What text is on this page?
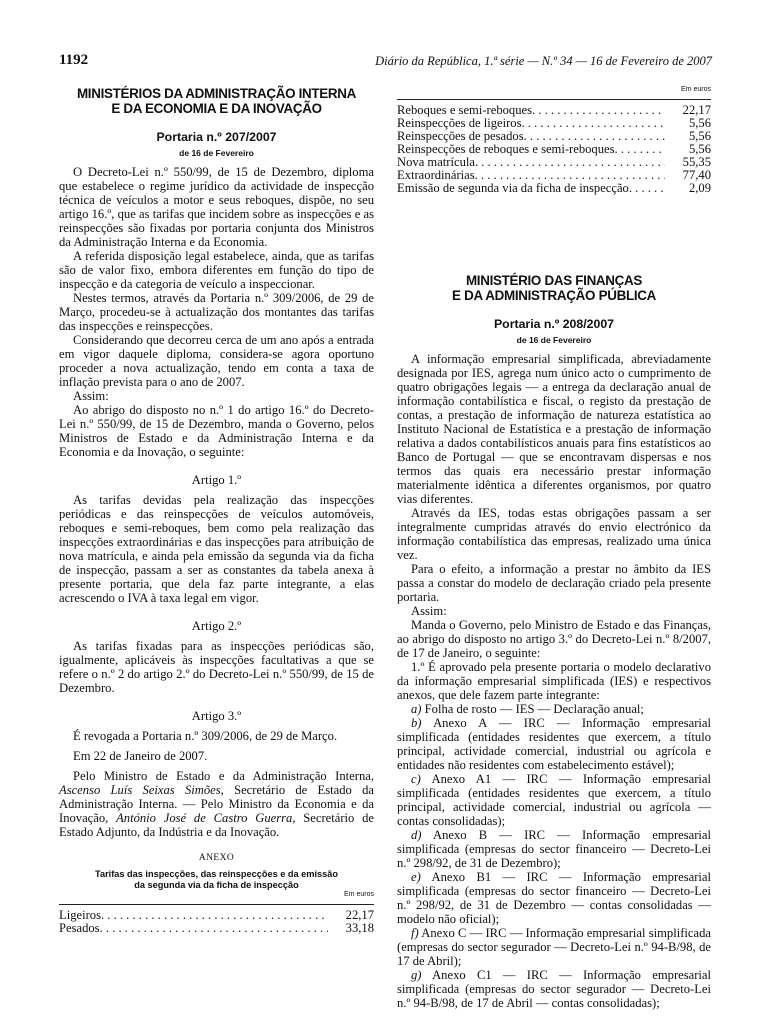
1192	Diário da República, 1.ª série — N.º 34 — 16 de Fevereiro de 2007
MINISTÉRIOS DA ADMINISTRAÇÃO INTERNA
E DA ECONOMIA E DA INOVAÇÃO
Portaria n.º 207/2007
de 16 de Fevereiro

O Decreto-Lei n.º 550/99, de 15 de Dezembro, diploma que estabelece o regime jurídico da actividade de inspecção técnica de veículos a motor e seus reboques, dispõe, no seu artigo 16.º, que as tarifas que incidem sobre as inspecções e as reinspecções são fixadas por portaria conjunta dos Ministros da Administração Interna e da Economia.

A referida disposição legal estabelece, ainda, que as tarifas são de valor fixo, embora diferentes em função do tipo de inspecção e da categoria de veículo a inspeccionar.

Nestes termos, através da Portaria n.º 309/2006, de 29 de Março, procedeu-se à actualização dos montantes das tarifas das inspecções e reinspecções.

Considerando que decorreu cerca de um ano após a entrada em vigor daquele diploma, considera-se agora oportuno proceder a nova actualização, tendo em conta a taxa de inflação prevista para o ano de 2007.

Assim:

Ao abrigo do disposto no n.º 1 do artigo 16.º do Decreto-Lei n.º 550/99, de 15 de Dezembro, manda o Governo, pelos Ministros de Estado e da Administração Interna e da Economia e da Inovação, o seguinte:

Artigo 1.º

As tarifas devidas pela realização das inspecções periódicas e das reinspecções de veículos automóveis, reboques e semi-reboques, bem como pela realização das inspecções extraordinárias e das inspecções para atribuição de nova matrícula, e ainda pela emissão da segunda via da ficha de inspecção, passam a ser as constantes da tabela anexa à presente portaria, que dela faz parte integrante, a elas acrescendo o IVA à taxa legal em vigor.

Artigo 2.º

As tarifas fixadas para as inspecções periódicas são, igualmente, aplicáveis às inspecções facultativas a que se refere o n.º 2 do artigo 2.º do Decreto-Lei n.º 550/99, de 15 de Dezembro.

Artigo 3.º

É revogada a Portaria n.º 309/2006, de 29 de Março.

Em 22 de Janeiro de 2007.

Pelo Ministro de Estado e da Administração Interna, Ascenso Luís Seixas Simões, Secretário de Estado da Administração Interna. — Pelo Ministro da Economia e da Inovação, António José de Castro Guerra, Secretário de Estado Adjunto, da Indústria e da Inovação.

ANEXO
Tarifas das inspecções, das reinspecções e da emissão
da segunda via da ficha de inspecção
Em euros
Ligeiros . . .	22,17
Pesados . . .	33,18
Em euros
Reboques e semi-reboques . . .	22,17
Reinspecções de ligeiros . . .	5,56
Reinspecções de pesados . . .	5,56
Reinspecções de reboques e semi-reboques . . .	5,56
Nova matrícula . . .	55,35
Extraordinárias . . .	77,40
Emissão de segunda via da ficha de inspecção . . .	2,09
MINISTÉRIO DAS FINANÇAS
E DA ADMINISTRAÇÃO PÚBLICA
Portaria n.º 208/2007
de 16 de Fevereiro

A informação empresarial simplificada, abreviadamente designada por IES, agrega num único acto o cumprimento de quatro obrigações legais — a entrega da declaração anual de informação contabilística e fiscal, o registo da prestação de contas, a prestação de informação de natureza estatística ao Instituto Nacional de Estatística e a prestação de informação relativa a dados contabilísticos anuais para fins estatísticos ao Banco de Portugal — que se encontravam dispersas e nos termos das quais era necessário prestar informação materialmente idêntica a diferentes organismos, por quatro vias diferentes.

Através da IES, todas estas obrigações passam a ser integralmente cumpridas através do envio electrónico da informação contabilística das empresas, realizado uma única vez.

Para o efeito, a informação a prestar no âmbito da IES passa a constar do modelo de declaração criado pela presente portaria.

Assim:

Manda o Governo, pelo Ministro de Estado e das Finanças, ao abrigo do disposto no artigo 3.º do Decreto-Lei n.º 8/2007, de 17 de Janeiro, o seguinte:

1.º É aprovado pela presente portaria o modelo declarativo da informação empresarial simplificada (IES) e respectivos anexos, que dele fazem parte integrante:

a) Folha de rosto — IES — Declaração anual;

b) Anexo A — IRC — Informação empresarial simplificada (entidades residentes que exercem, a título principal, actividade comercial, industrial ou agrícola e entidades não residentes com estabelecimento estável);

c) Anexo A1 — IRC — Informação empresarial simplificada (entidades residentes que exercem, a título principal, actividade comercial, industrial ou agrícola — contas consolidadas);

d) Anexo B — IRC — Informação empresarial simplificada (empresas do sector financeiro — Decreto-Lei n.º 298/92, de 31 de Dezembro);

e) Anexo B1 — IRC — Informação empresarial simplificada (empresas do sector financeiro — Decreto-Lei n.º 298/92, de 31 de Dezembro — contas consolidadas — modelo não oficial);

f) Anexo C — IRC — Informação empresarial simplificada (empresas do sector segurador — Decreto-Lei n.º 94-B/98, de 17 de Abril);

g) Anexo C1 — IRC — Informação empresarial simplificada (empresas do sector segurador — Decreto-Lei n.º 94-B/98, de 17 de Abril — contas consolidadas);
